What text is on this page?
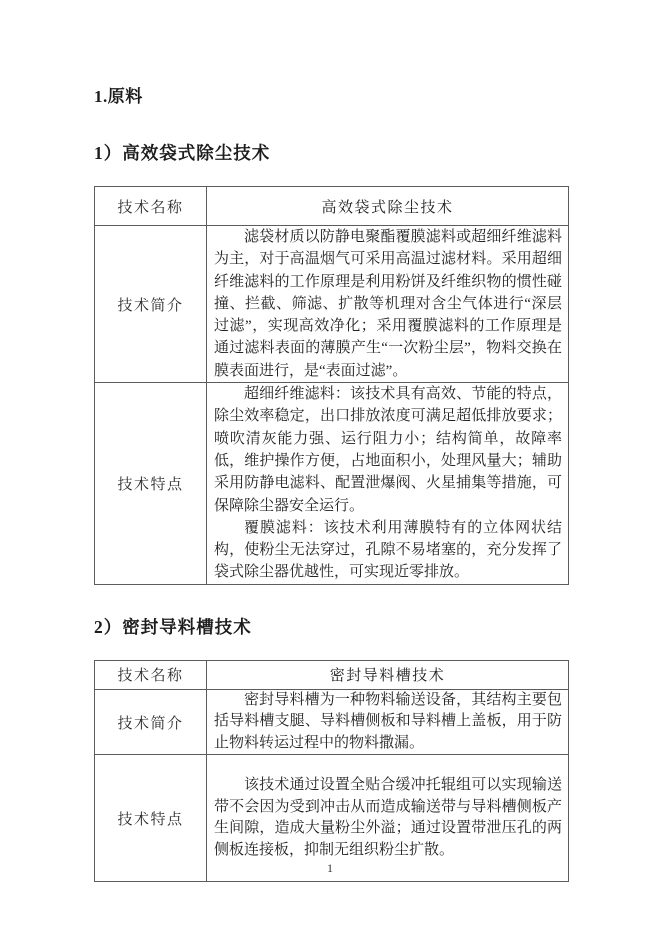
1.原料

1）高效袋式除尘技术

技术名称	高效袋式除尘技术
技术简介	滤袋材质以防静电聚酯覆膜滤料或超细纤维滤料为主，对于高温烟气可采用高温过滤材料。采用超细纤维滤料的工作原理是利用粉饼及纤维织物的惯性碰撞、拦截、筛滤、扩散等机理对含尘气体进行“深层过滤”，实现高效净化；采用覆膜滤料的工作原理是通过滤料表面的薄膜产生“一次粉尘层”，物料交换在膜表面进行，是“表面过滤”。

技术特点	超细纤维滤料：该技术具有高效、节能的特点，除尘效率稳定，出口排放浓度可满足超低排放要求；喷吹清灰能力强、运行阻力小；结构简单，故障率低，维护操作方便，占地面积小，处理风量大；辅助采用防静电滤料、配置泄爆阀、火星捕集等措施，可保障除尘器安全运行。

覆膜滤料：该技术利用薄膜特有的立体网状结构，使粉尘无法穿过，孔隙不易堵塞的，充分发挥了袋式除尘器优越性，可实现近零排放。

2）密封导料槽技术

技术名称	密封导料槽技术
技术简介	密封导料槽为一种物料输送设备，其结构主要包括导料槽支腿、导料槽侧板和导料槽上盖板，用于防止物料转运过程中的物料撒漏。

技术特点	该技术通过设置全贴合缓冲托辊组可以实现输送带不会因为受到冲击从而造成输送带与导料槽侧板产生间隙，造成大量粉尘外溢；通过设置带泄压孔的两侧板连接板，抑制无组织粉尘扩散。

1
